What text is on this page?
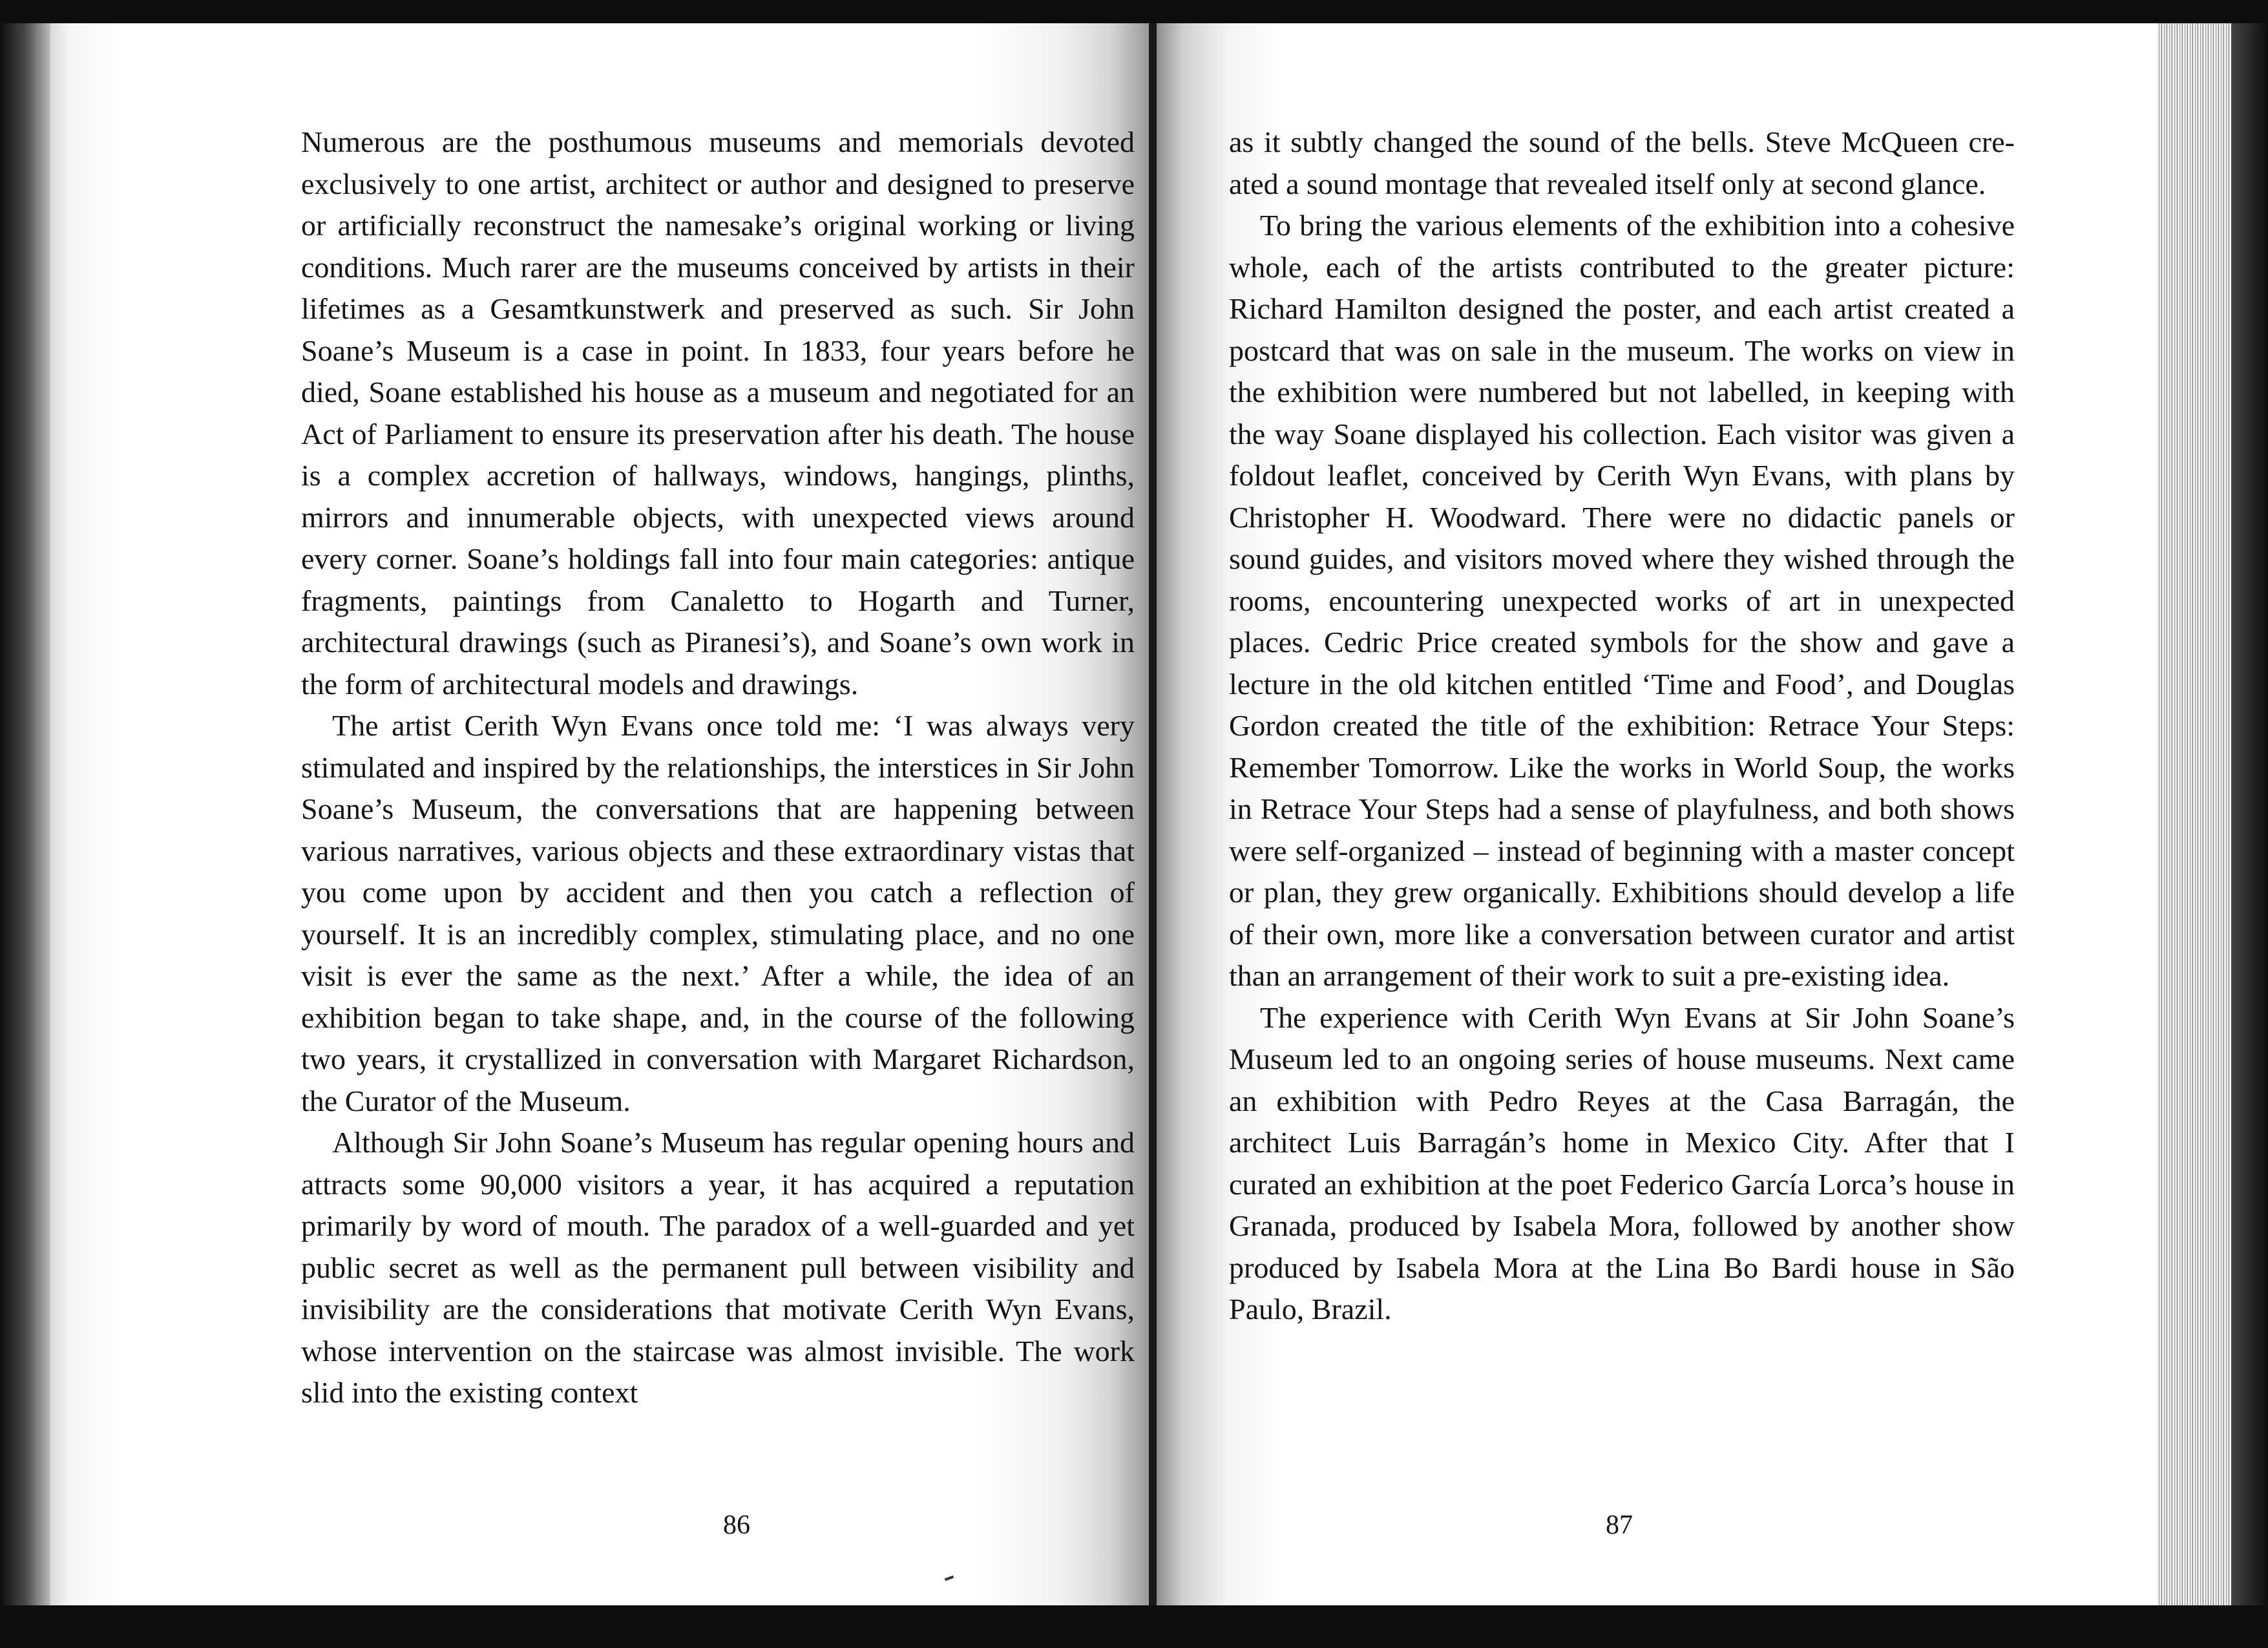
Numerous are the posthumous museums and memorials devoted exclusively to one artist, architect or author and designed to preserve or artificially reconstruct the namesake’s original working or living conditions. Much rarer are the museums conceived by artists in their lifetimes as a Gesamtkunstwerk and preserved as such. Sir John Soane’s Museum is a case in point. In 1833, four years before he died, Soane established his house as a museum and negotiated for an Act of Parliament to ensure its preservation after his death. The house is a complex accretion of hallways, windows, hangings, plinths, mirrors and innumerable objects, with unexpected views around every corner. Soane’s holdings fall into four main categories: antique fragments, paintings from Canaletto to Hogarth and Turner, architectural drawings (such as Piranesi’s), and Soane’s own work in the form of architectural models and drawings.

The artist Cerith Wyn Evans once told me: ‘I was always very stimulated and inspired by the relationships, the interstices in Sir John Soane’s Museum, the conversations that are happening between various narratives, various objects and these extraordinary vistas that you come upon by accident and then you catch a reflection of yourself. It is an incredibly complex, stimulating place, and no one visit is ever the same as the next.’ After a while, the idea of an exhibition began to take shape, and, in the course of the following two years, it crystallized in conversation with Margaret Richardson, the Curator of the Museum.

Although Sir John Soane’s Museum has regular opening hours and attracts some 90,000 visitors a year, it has acquired a reputation primarily by word of mouth. The paradox of a well-guarded and yet public secret as well as the permanent pull between visibility and invisibility are the considerations that motivate Cerith Wyn Evans, whose intervention on the staircase was almost invisible. The work slid into the existing context

86

as it subtly changed the sound of the bells. Steve McQueen created a sound montage that revealed itself only at second glance.

To bring the various elements of the exhibition into a cohesive whole, each of the artists contributed to the greater picture: Richard Hamilton designed the poster, and each artist created a postcard that was on sale in the museum. The works on view in the exhibition were numbered but not labelled, in keeping with the way Soane displayed his collection. Each visitor was given a foldout leaflet, conceived by Cerith Wyn Evans, with plans by Christopher H. Woodward. There were no didactic panels or sound guides, and visitors moved where they wished through the rooms, encountering unexpected works of art in unexpected places. Cedric Price created symbols for the show and gave a lecture in the old kitchen entitled ‘Time and Food’, and Douglas Gordon created the title of the exhibition: Retrace Your Steps: Remember Tomorrow. Like the works in World Soup, the works in Retrace Your Steps had a sense of playfulness, and both shows were self-organized – instead of beginning with a master concept or plan, they grew organically. Exhibitions should develop a life of their own, more like a conversation between curator and artist than an arrangement of their work to suit a pre-existing idea.

The experience with Cerith Wyn Evans at Sir John Soane’s Museum led to an ongoing series of house museums. Next came an exhibition with Pedro Reyes at the Casa Barragán, the architect Luis Barragán’s home in Mexico City. After that I curated an exhibition at the poet Federico García Lorca’s house in Granada, produced by Isabela Mora, followed by another show produced by Isabela Mora at the Lina Bo Bardi house in São Paulo, Brazil.

87
